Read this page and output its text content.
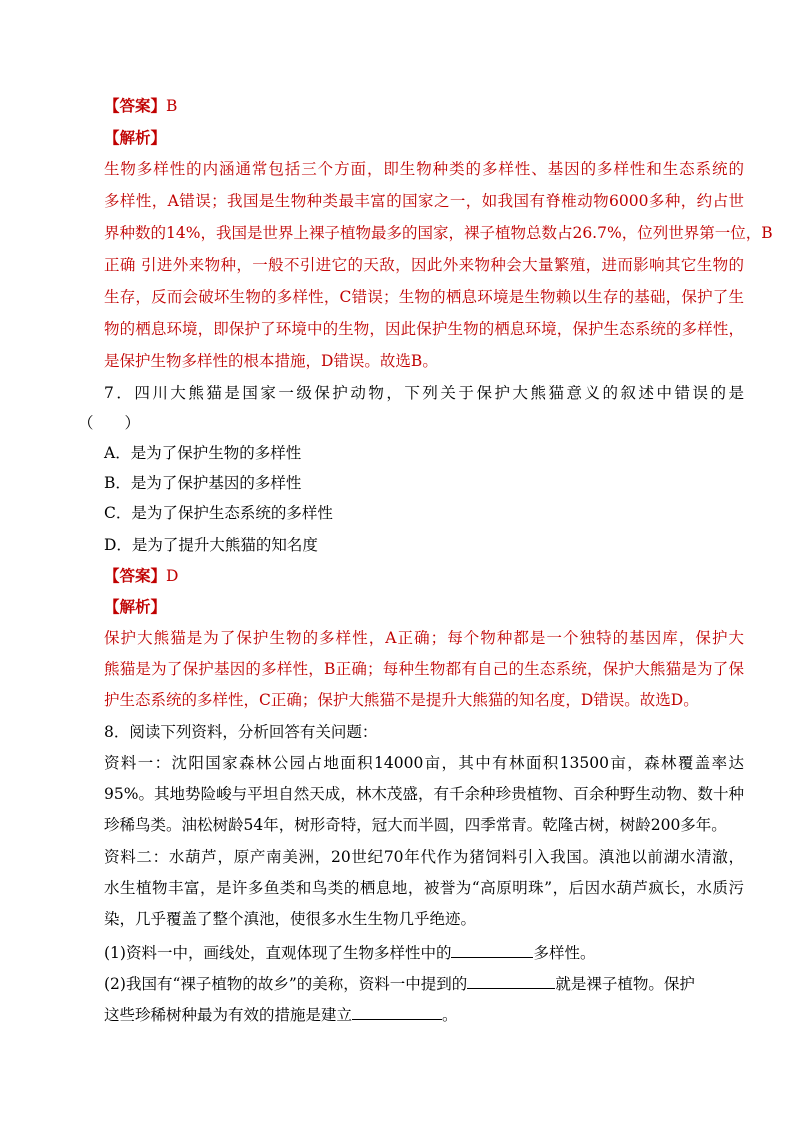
【答案】B
【解析】
生物多样性的内涵通常包括三个方面，即生物种类的多样性、基因的多样性和生态系统的
多样性，A错误；我国是生物种类最丰富的国家之一，如我国有脊椎动物6000多种，约占世
界种数的14%，我国是世界上裸子植物最多的国家，裸子植物总数占26.7%，位列世界第一位，B
正确 引进外来物种，一般不引进它的天敌，因此外来物种会大量繁殖，进而影响其它生物的
生存，反而会破坏生物的多样性，C错误；生物的栖息环境是生物赖以生存的基础，保护了生
物的栖息环境，即保护了环境中的生物，因此保护生物的栖息环境，保护生态系统的多样性，
是保护生物多样性的根本措施，D错误。故选B。
7．四川大熊猫是国家一级保护动物，下列关于保护大熊猫意义的叙述中错误的是
（　　）
A．是为了保护生物的多样性
B．是为了保护基因的多样性
C．是为了保护生态系统的多样性
D．是为了提升大熊猫的知名度
【答案】D
【解析】
保护大熊猫是为了保护生物的多样性，A正确；每个物种都是一个独特的基因库，保护大
熊猫是为了保护基因的多样性，B正确；每种生物都有自己的生态系统，保护大熊猫是为了保
护生态系统的多样性，C正确；保护大熊猫不是提升大熊猫的知名度，D错误。故选D。
8．阅读下列资料，分析回答有关问题：
资料一：沈阳国家森林公园占地面积14000亩，其中有林面积13500亩，森林覆盖率达
95%。其地势险峻与平坦自然天成，林木茂盛，有千余种珍贵植物、百余种野生动物、数十种
珍稀鸟类。油松树龄54年，树形奇特，冠大而半圆，四季常青。乾隆古树，树龄200多年。
资料二：水葫芦，原产南美洲，20世纪70年代作为猪饲料引入我国。滇池以前湖水清澈，
水生植物丰富，是许多鱼类和鸟类的栖息地，被誉为“高原明珠”，后因水葫芦疯长，水质污
染，几乎覆盖了整个滇池，使很多水生生物几乎绝迹。
(1)资料一中，画线处，直观体现了生物多样性中的	多样性。
(2)我国有“裸子植物的故乡”的美称，资料一中提到的	就是裸子植物。保护
这些珍稀树种最为有效的措施是建立	。
